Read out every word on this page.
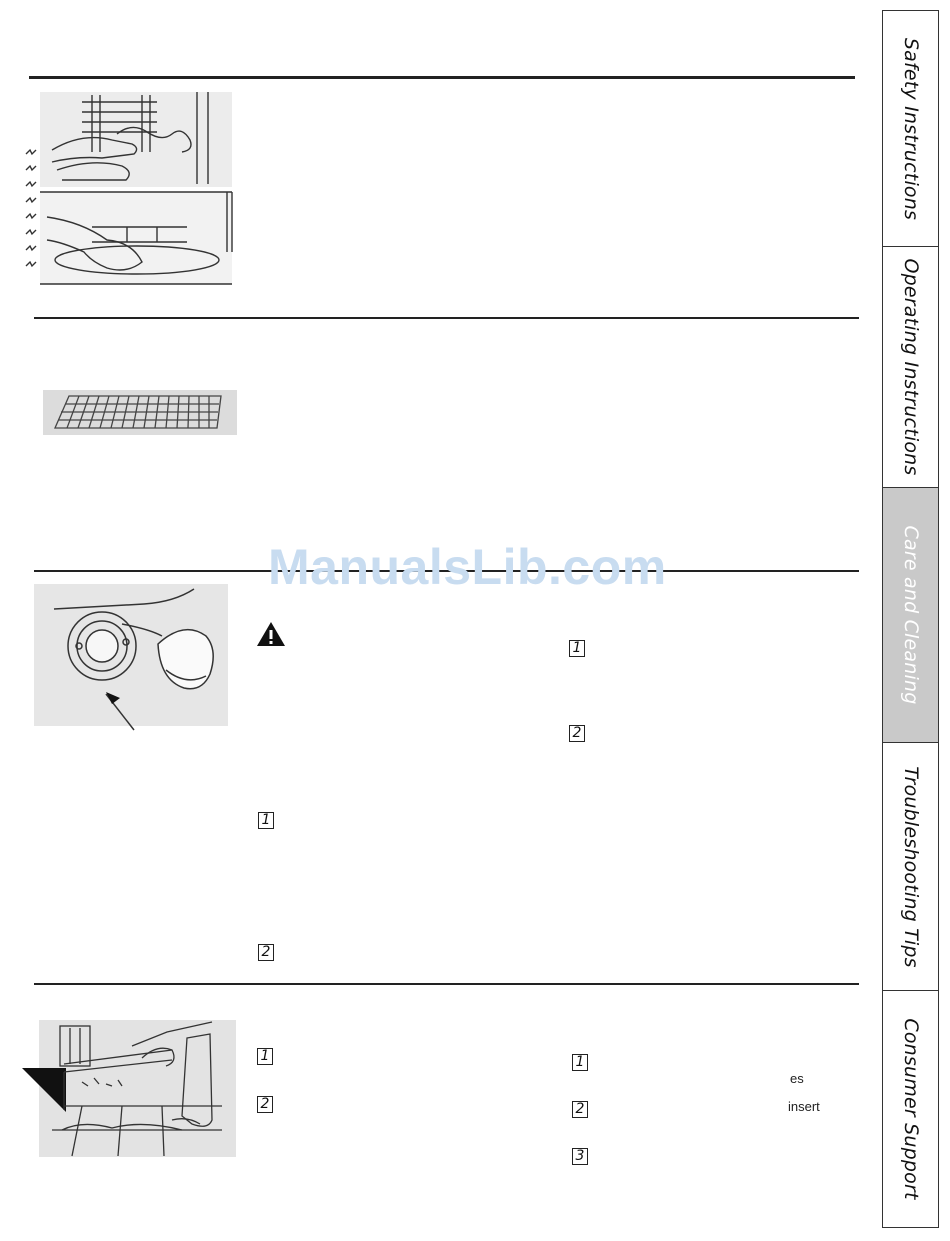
ManualsLib.com
1
2
1
2
1
2
1
2
3
es
insert
Safety Instructions
Operating Instructions
Care and Cleaning
Troubleshooting Tips
Consumer Support
